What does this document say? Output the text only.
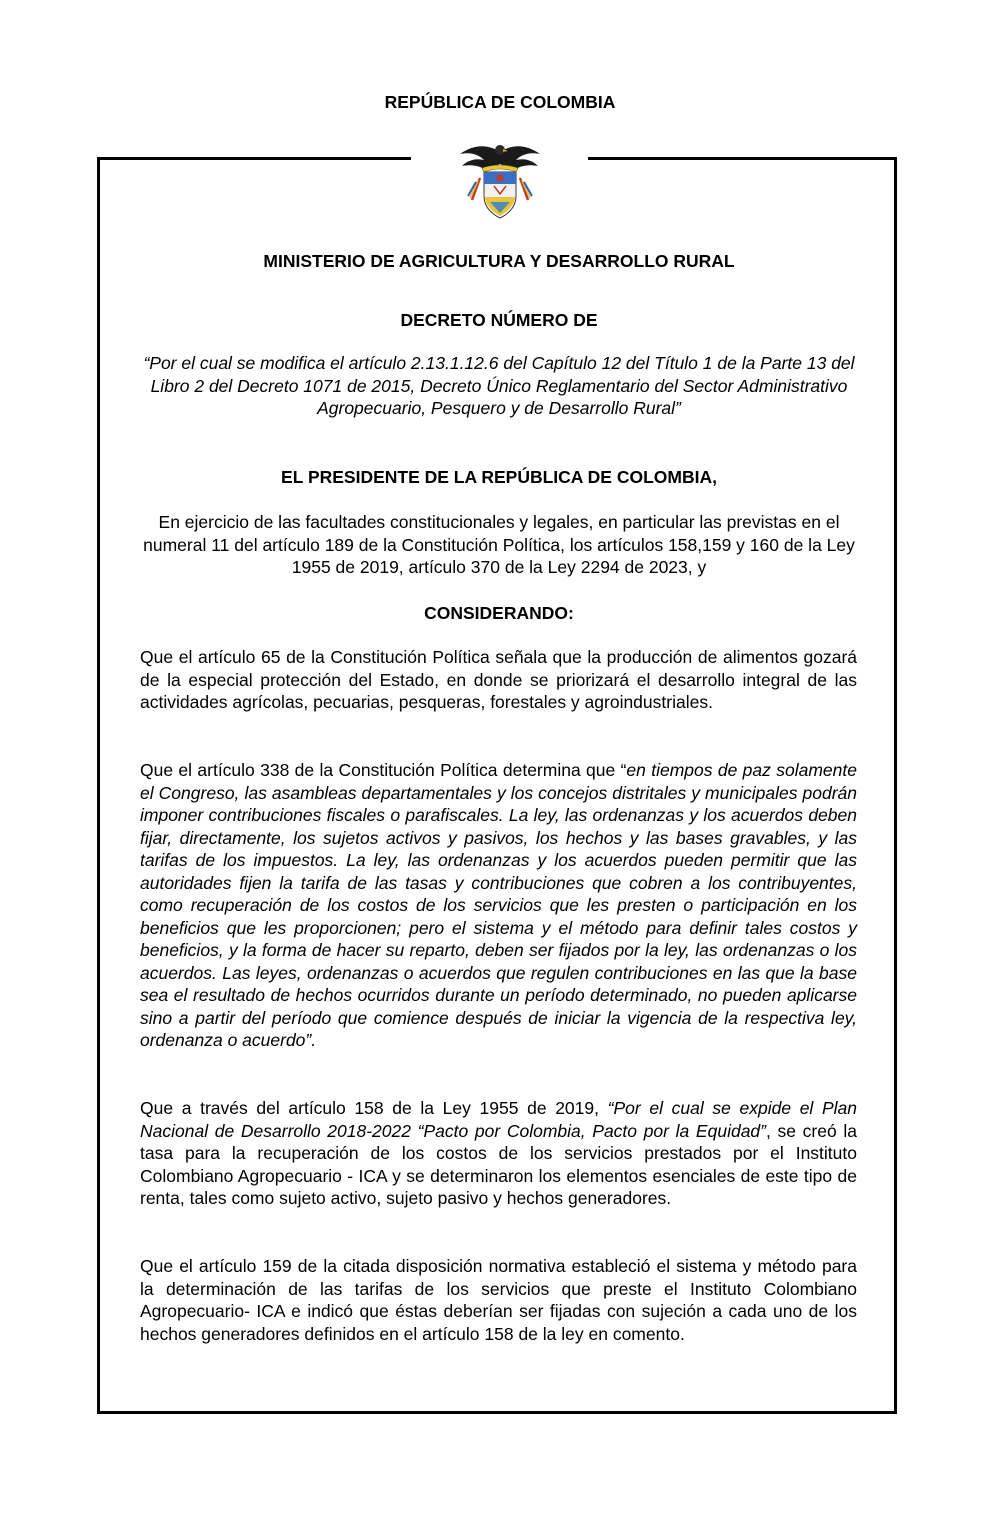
REPÚBLICA DE COLOMBIA
MINISTERIO DE AGRICULTURA Y DESARROLLO RURAL
DECRETO NÚMERO DE
“Por el cual se modifica el artículo 2.13.1.12.6 del Capítulo 12 del Título 1 de la Parte 13 del Libro 2 del Decreto 1071 de 2015, Decreto Único Reglamentario del Sector Administrativo Agropecuario, Pesquero y de Desarrollo Rural”
EL PRESIDENTE DE LA REPÚBLICA DE COLOMBIA,
En ejercicio de las facultades constitucionales y legales, en particular las previstas en el numeral 11 del artículo 189 de la Constitución Política, los artículos 158,159 y 160 de la Ley 1955 de 2019, artículo 370 de la Ley 2294 de 2023, y
CONSIDERANDO:
Que el artículo 65 de la Constitución Política señala que la producción de alimentos gozará de la especial protección del Estado, en donde se priorizará el desarrollo integral de las actividades agrícolas, pecuarias, pesqueras, forestales y agroindustriales.
Que el artículo 338 de la Constitución Política determina que “en tiempos de paz solamente el Congreso, las asambleas departamentales y los concejos distritales y municipales podrán imponer contribuciones fiscales o parafiscales. La ley, las ordenanzas y los acuerdos deben fijar, directamente, los sujetos activos y pasivos, los hechos y las bases gravables, y las tarifas de los impuestos. La ley, las ordenanzas y los acuerdos pueden permitir que las autoridades fijen la tarifa de las tasas y contribuciones que cobren a los contribuyentes, como recuperación de los costos de los servicios que les presten o participación en los beneficios que les proporcionen; pero el sistema y el método para definir tales costos y beneficios, y la forma de hacer su reparto, deben ser fijados por la ley, las ordenanzas o los acuerdos. Las leyes, ordenanzas o acuerdos que regulen contribuciones en las que la base sea el resultado de hechos ocurridos durante un período determinado, no pueden aplicarse sino a partir del período que comience después de iniciar la vigencia de la respectiva ley, ordenanza o acuerdo”.
Que a través del artículo 158 de la Ley 1955 de 2019, “Por el cual se expide el Plan Nacional de Desarrollo 2018-2022 “Pacto por Colombia, Pacto por la Equidad”, se creó la tasa para la recuperación de los costos de los servicios prestados por el Instituto Colombiano Agropecuario - ICA y se determinaron los elementos esenciales de este tipo de renta, tales como sujeto activo, sujeto pasivo y hechos generadores.
Que el artículo 159 de la citada disposición normativa estableció el sistema y método para la determinación de las tarifas de los servicios que preste el Instituto Colombiano Agropecuario- ICA e indicó que éstas deberían ser fijadas con sujeción a cada uno de los hechos generadores definidos en el artículo 158 de la ley en comento.
